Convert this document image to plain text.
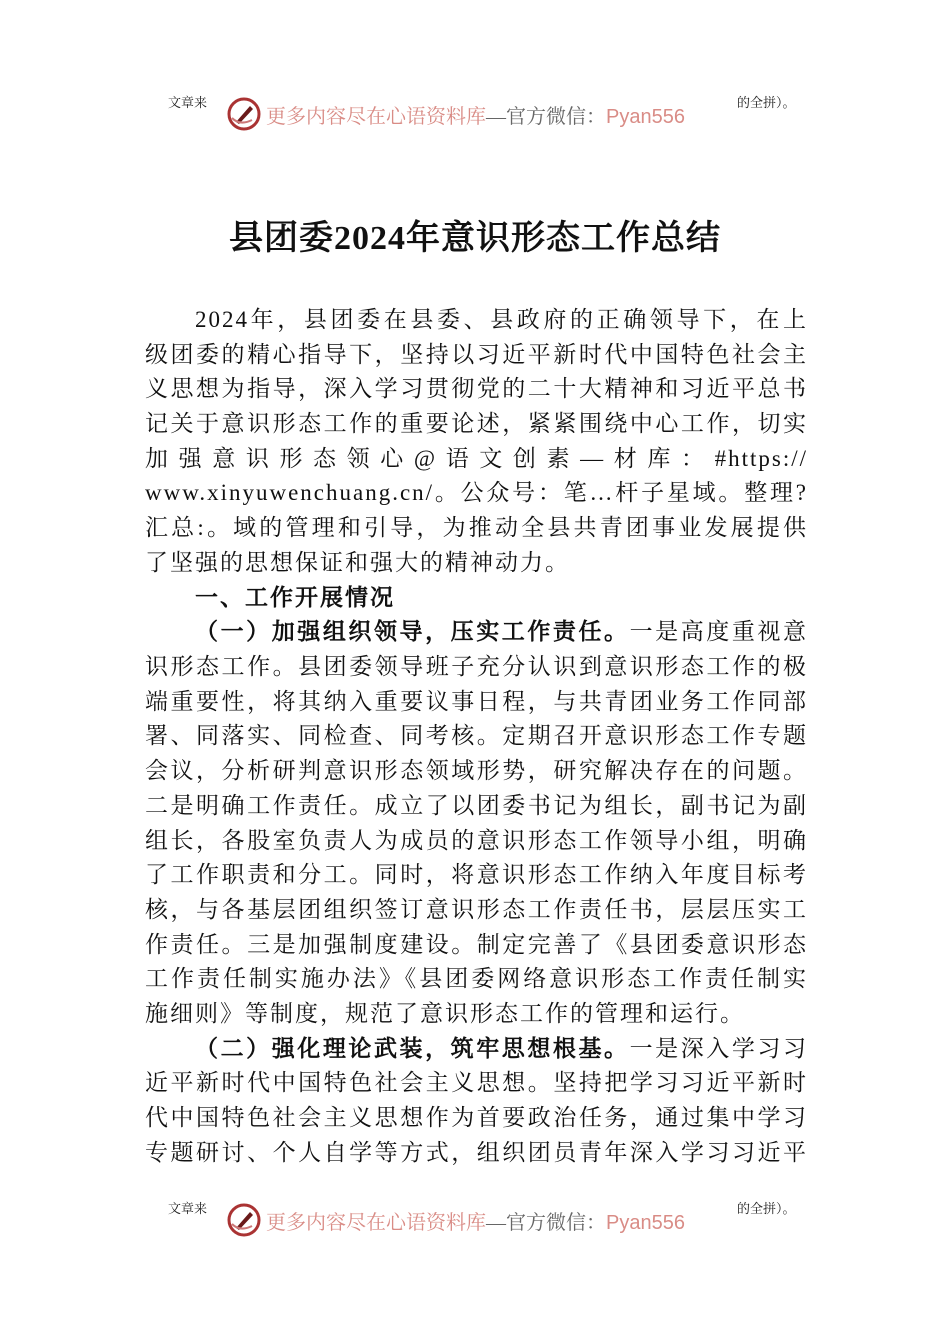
文章来
更多内容尽在心语资料库—官方微信：Pyan556
的全拼）。
县团委2024年意识形态工作总结
2024年，县团委在县委、县政府的正确领导下，在上
级团委的精心指导下，坚持以习近平新时代中国特色社会主
义思想为指导，深入学习贯彻党的二十大精神和习近平总书
记关于意识形态工作的重要论述，紧紧围绕中心工作，切实
加强意识形态领心@语文创素—材库：#https://
www.xinyuwenchuang.cn/。公众号：笔…杆子星域。整理?
汇总:。域的管理和引导，为推动全县共青团事业发展提供
了坚强的思想保证和强大的精神动力。
一、工作开展情况
（一）加强组织领导，压实工作责任。一是高度重视意
识形态工作。县团委领导班子充分认识到意识形态工作的极
端重要性，将其纳入重要议事日程，与共青团业务工作同部
署、同落实、同检查、同考核。定期召开意识形态工作专题
会议，分析研判意识形态领域形势，研究解决存在的问题。
二是明确工作责任。成立了以团委书记为组长，副书记为副
组长，各股室负责人为成员的意识形态工作领导小组，明确
了工作职责和分工。同时，将意识形态工作纳入年度目标考
核，与各基层团组织签订意识形态工作责任书，层层压实工
作责任。三是加强制度建设。制定完善了《县团委意识形态
工作责任制实施办法》《县团委网络意识形态工作责任制实
施细则》等制度，规范了意识形态工作的管理和运行。
（二）强化理论武装，筑牢思想根基。一是深入学习习
近平新时代中国特色社会主义思想。坚持把学习习近平新时
代中国特色社会主义思想作为首要政治任务，通过集中学习
专题研讨、个人自学等方式，组织团员青年深入学习习近平
文章来
更多内容尽在心语资料库—官方微信：Pyan556
的全拼）。
